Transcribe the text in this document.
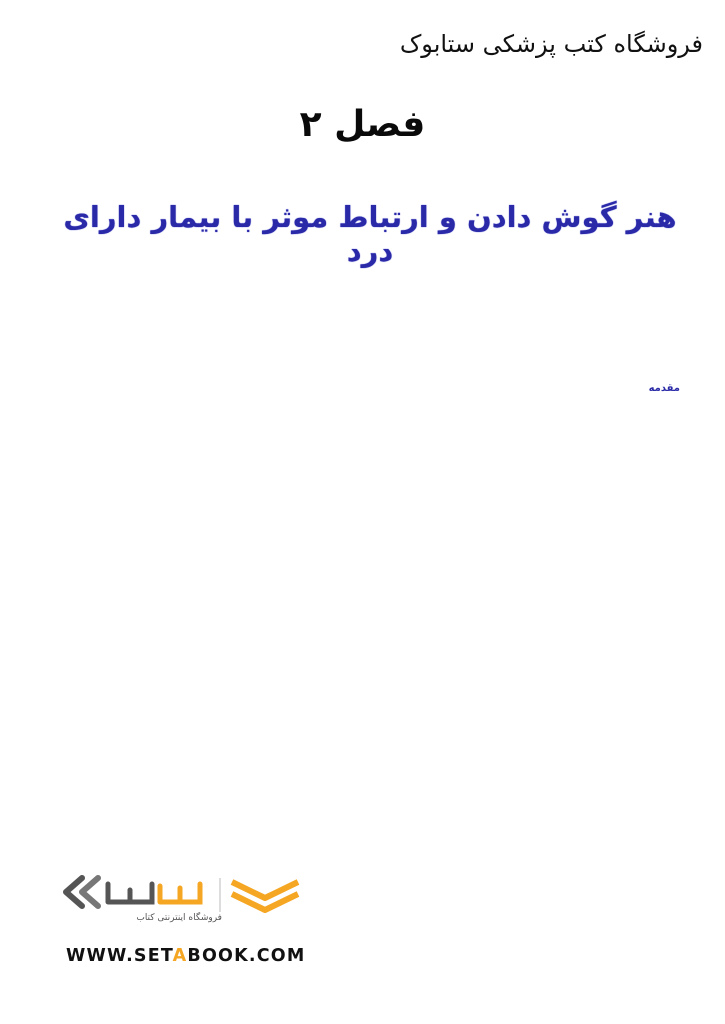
فروشگاه کتب پزشکی ستابوک
فصل ۲
هنر گوش دادن و ارتباط موثر با بیمار دارای درد
مقدمه
فروشگاه اینترنتی کتاب
WWW.SETABOOK.COM
